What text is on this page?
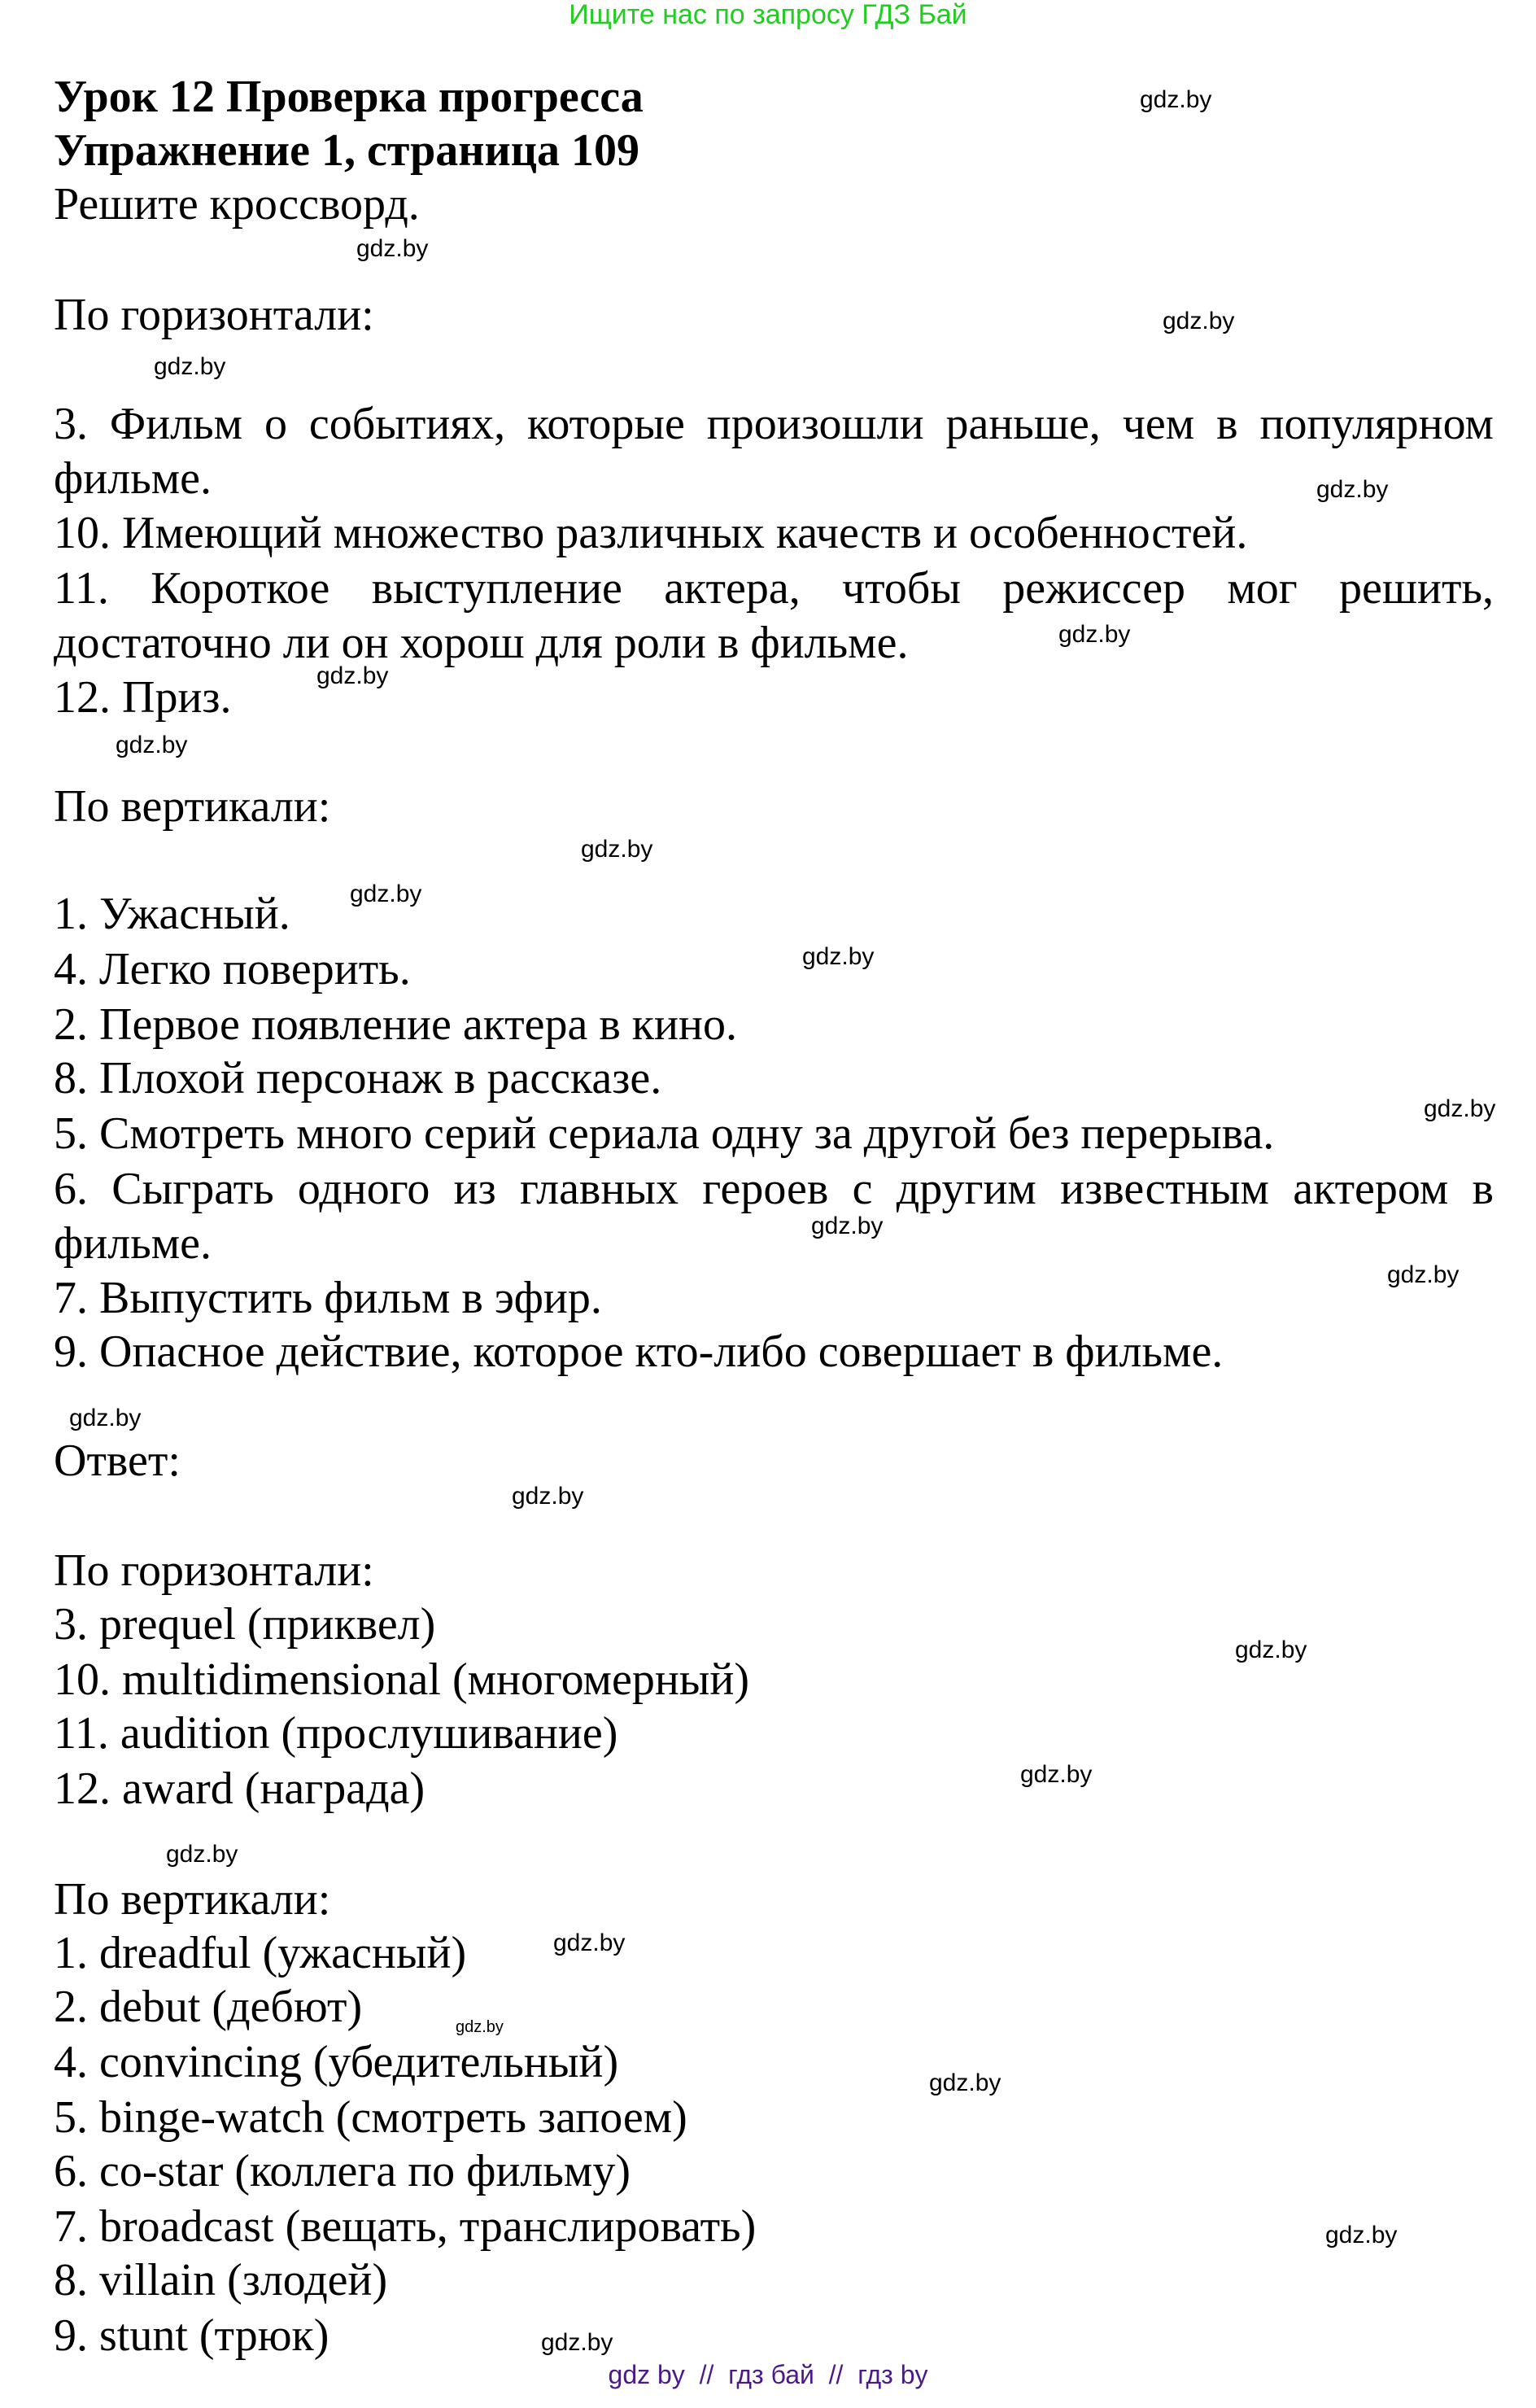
Ищите нас по запросу ГДЗ Бай
Урок 12 Проверка прогресса
Упражнение 1, страница 109
Решите кроссворд.
По горизонтали:
3. Фильм о событиях, которые произошли раньше, чем в популярном фильме.
10. Имеющий множество различных качеств и особенностей.
11. Короткое выступление актера, чтобы режиссер мог решить, достаточно ли он хорош для роли в фильме.
12. Приз.
По вертикали:
1. Ужасный.
4. Легко поверить.
2. Первое появление актера в кино.
8. Плохой персонаж в рассказе.
5. Смотреть много серий сериала одну за другой без перерыва.
6. Сыграть одного из главных героев с другим известным актером в фильме.
7. Выпустить фильм в эфир.
9. Опасное действие, которое кто-либо совершает в фильме.
Ответ:
По горизонтали:
3. prequel (приквел)
10. multidimensional (многомерный)
11. audition (прослушивание)
12. award (награда)
По вертикали:
1. dreadful (ужасный)
2. debut (дебют)
4. convincing (убедительный)
5. binge-watch (смотреть запоем)
6. co-star (коллега по фильму)
7. broadcast (вещать, транслировать)
8. villain (злодей)
9. stunt (трюк)
gdz.by
gdz.by
gdz.by
gdz.by
gdz.by
gdz.by
gdz.by
gdz.by
gdz.by
gdz.by
gdz.by
gdz.by
gdz.by
gdz.by
gdz.by
gdz.by
gdz.by
gdz.by
gdz.by
gdz.by
gdz.by
gdz.by
gdz.by
gdz.by
gdz by  //  гдз бай  //  гдз by
